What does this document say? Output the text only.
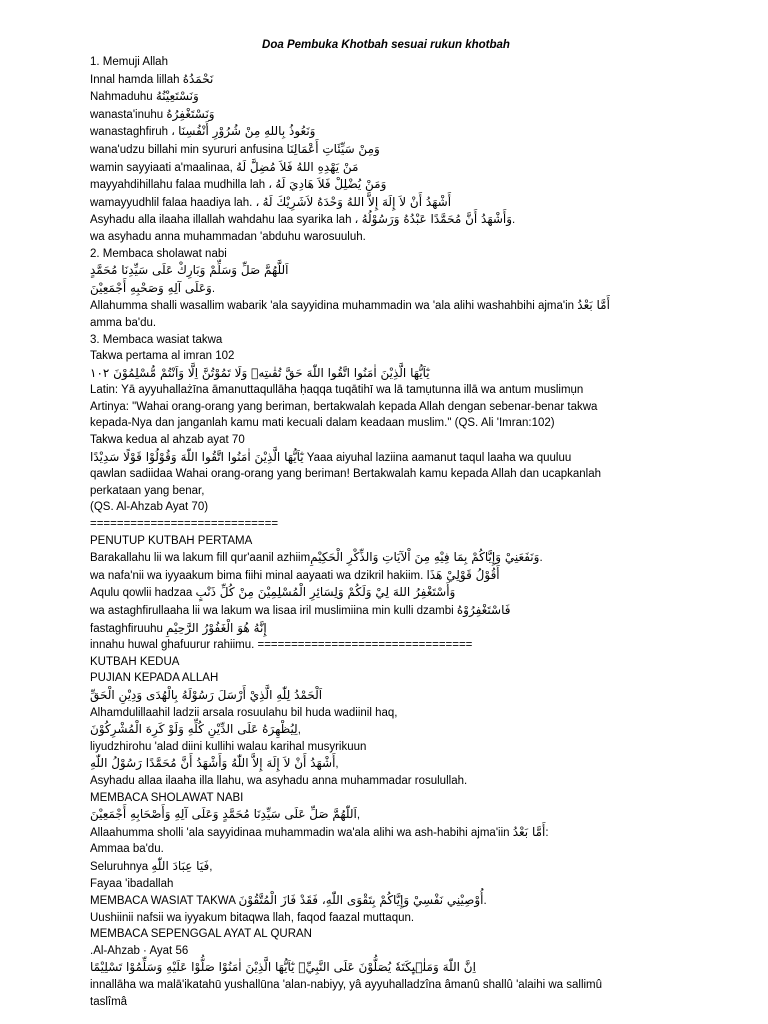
Doa Pembuka Khotbah sesuai rukun khotbah
1. Memuji Allah
Innal hamda lillah نَحْمَدُهُ
Nahmaduhu وَنَسْتَعِيْنُهُ
wanasta'inuhu وَنَسْتَغْفِرُهُ
wanastaghfiruh ، وَنَعُوذُ بِاللهِ مِنْ شُرُوْرِ أَنْفُسِنَا
wana'udzu billahi min syururi anfusina وَمِنْ سَيِّئَاتِ أَعْمَالِنَا
wamin sayyiaati a'maalinaa, مَنْ يَهْدِهِ اللهُ فَلاَ مُضِلَّ لَهُ
mayyahdihillahu falaa mudhilla lah ، وَمَنْ يُضْلِلْ فَلاَ هَادِيَ لَهُ
wamayyudhlil falaa haadiya lah. ، أَشْهَدُ أَنْ لاَ إِلَهَ إِلاَّ اللهُ وَحْدَهُ لاَشَرِيْكَ لَهُ
Asyhadu alla ilaaha illallah wahdahu laa syarika lah ، وَأَشْهَدُ أَنَّ مُحَمَّدًا عَبْدُهُ وَرَسُوْلُهُ.
wa asyhadu anna muhammadan 'abduhu warosuuluh.
2. Membaca sholawat nabi
اَللَّهُمَّ صَلِّ وَسَلِّمْ وَبَارِكْ عَلَى سَيِّدِنَا مُحَمَّدٍ
وَعَلَى آلِهِ وَصَحْبِهِ أَجْمَعِيْنَ.
Allahumma shalli wasallim wabarik 'ala sayyidina muhammadin wa 'ala alihi washahbihi ajma'in أَمَّا بَعْدُ
amma ba'du.
3. Membaca wasiat takwa
Takwa pertama al imran 102
يٰٓاَيُّهَا الَّذِيْنَ اٰمَنُوا اتَّقُوا اللّٰهَ حَقَّ تُقٰىتِهٖ وَلَا تَمُوْتُنَّ اِلَّا وَاَنْتُمْ مُّسْلِمُوْنَ ١٠٢
Latin: Yā ayyuhallażīna āmanuttaqullāha ḥaqqa tuqātihī wa lā tamụtunna illā wa antum muslimụn
Artinya: "Wahai orang-orang yang beriman, bertakwalah kepada Allah dengan sebenar-benar takwa
kepada-Nya dan janganlah kamu mati kecuali dalam keadaan muslim." (QS. Ali 'Imran:102)
Takwa kedua al ahzab ayat 70
يٰٓاَيُّهَا الَّذِيْنَ اٰمَنُوا اتَّقُوا اللّٰهَ وَقُوْلُوْا قَوْلًا سَدِيْدًا Yaaa aiyuhal laziina aamanut taqul laaha wa quuluu
qawlan sadiidaa Wahai orang-orang yang beriman! Bertakwalah kamu kepada Allah dan ucapkanlah
perkataan yang benar,
(QS. Al-Ahzab Ayat 70)
============================
PENUTUP KUTBAH PERTAMA
Barakallahu lii wa lakum fill qur'aanil azhiimوَنَفَعَنِيْ وَإِيَّاكُمْ بِمَا فِيْهِ مِنَ اْلآيَاتِ وَالذِّكْرِ الْحَكِيْمِ.
wa nafa'nii wa iyyaakum bima fiihi minal aayaati wa dzikril hakiim. أَقُوْلُ قَوْلِيْ هَذَا
Aqulu qowlii hadzaa وَأَسْتَغْفِرُ اللهَ لِيْ وَلَكُمْ وَلِسَائِرِ الْمُسْلِمِيْنَ مِنْ كُلِّ ذَنْبٍ
wa astaghfirullaaha lii wa lakum wa lisaa iril muslimiina min kulli dzambi فَاسْتَغْفِرُوْهُ
fastaghfiruuhu إِنَّهُ هُوَ الْغَفُوْرُ الرَّحِيْمِ
innahu huwal ghafuurur rahiimu. ================================
KUTBAH KEDUA
PUJIAN KEPADA ALLAH
اَلْحَمْدُ لِلّٰهِ الَّذِيْ أَرْسَلَ رَسُوْلَهُ بِالْهُدَى وَدِيْنِ الْحَقِّ
Alhamdulillaahil ladzii arsala rosuulahu bil huda wadiinil haq,
لِيُظْهِرَهُ عَلَى الدِّيْنِ كُلِّهِ وَلَوْ كَرِهَ الْمُشْرِكُوْنَ,
liyudzhirohu 'alad diini kullihi walau karihal musyrikuun
أَشْهَدُ أَنْ لاَ إِلَهَ إِلاَّ اللّٰهُ وَأَشْهَدُ أَنَّ مُحَمَّدًا رَسُوْلُ اللّٰهِ,
Asyhadu allaa ilaaha illa llahu, wa asyhadu anna muhammadar rosulullah.
MEMBACA SHOLAWAT NABI
اَللّٰهُمَّ صَلِّ عَلَى سَيِّدِنَا مُحَمَّدٍ وَعَلَى آلِهِ وَأَصْحَابِهِ أَجْمَعِيْنَ,
Allaahumma sholli 'ala sayyidinaa muhammadin wa'ala alihi wa ash-habihi ajma'iin أَمَّا بَعْدُ:
Ammaa ba'du.
Seluruhnya فَيَا عِبَادَ اللّٰهِ,
Fayaa 'ibadallah
MEMBACA WASIAT TAKWA أُوْصِيْنِي نَفْسِيْ وَإِيَّاكُمْ بِتَقْوَى اللّٰهِ، فَقَدْ فَازَ الْمُتَّقُوْنَ.
Uushiinii nafsii wa iyyakum bitaqwa llah, faqod faazal muttaqun.
MEMBACA SEPENGGAL AYAT AL QURAN
.Al-Ahzab · Ayat 56
اِنَّ اللّٰهَ وَمَلٰۤىِٕكَتَهٗ يُصَلُّوْنَ عَلَى النَّبِيِّۗ يٰٓاَيُّهَا الَّذِيْنَ اٰمَنُوْا صَلُّوْا عَلَيْهِ وَسَلِّمُوْا تَسْلِيْمًا
innallāha wa malā'ikatahū yushallūna 'alan-nabiyy, yâ ayyuhalladzîna âmanû shallû 'alaihi wa sallimû
taslîmâ
